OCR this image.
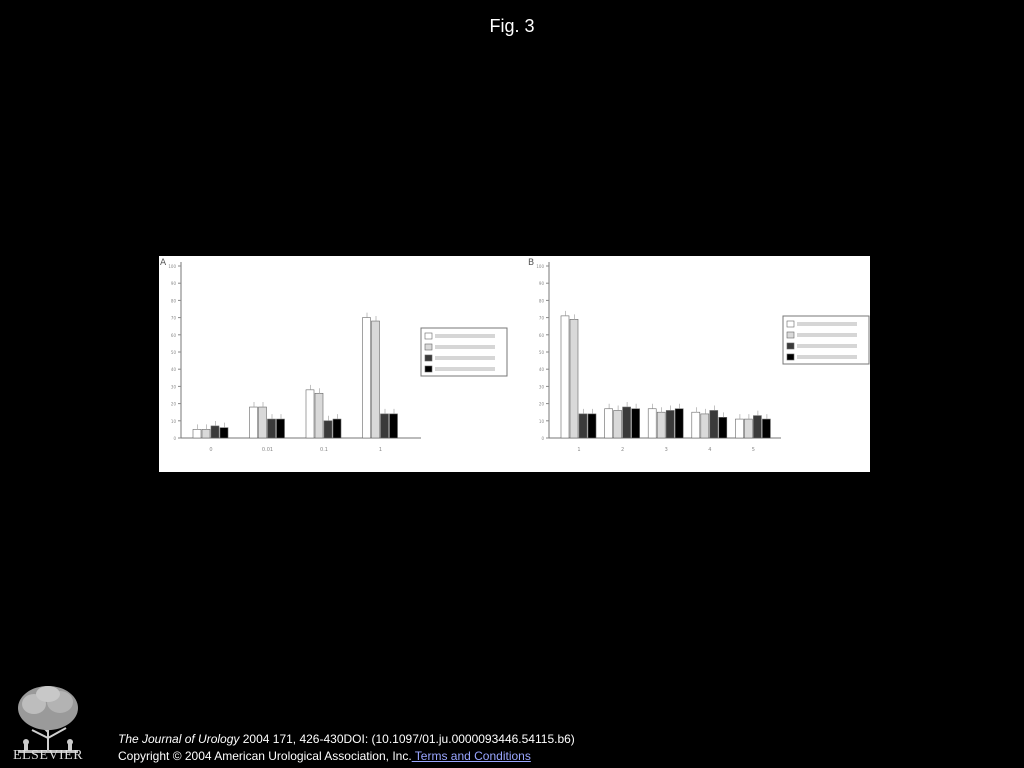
Fig. 3
A
0
10
20
30
40
50
60
70
80
90
100
0	0.01	0.1	1
B
0
10
20
30
40
50
60
70
80
90
100
1	2	3	4	5
ELSEVIER
The Journal of Urology 2004 171, 426-430DOI: (10.1097/01.ju.0000093446.54115.b6)
Copyright © 2004 American Urological Association, Inc. Terms and Conditions
